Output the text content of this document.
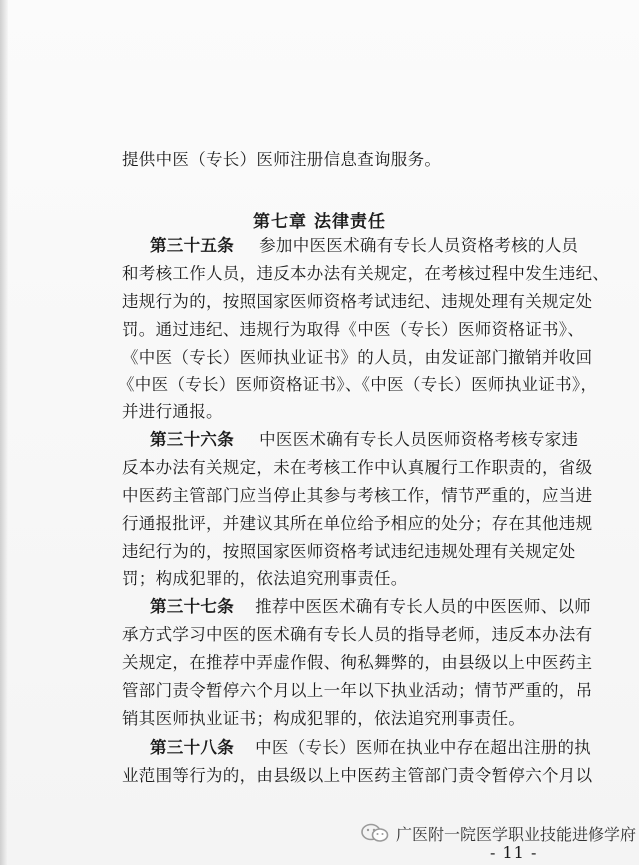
提供中医（专长）医师注册信息查询服务。
第七章 法律责任
第三十五条 参加中医医术确有专长人员资格考核的人员
和考核工作人员，违反本办法有关规定，在考核过程中发生违纪、
违规行为的，按照国家医师资格考试违纪、违规处理有关规定处
罚。通过违纪、违规行为取得《中医（专长）医师资格证书》、
《中医（专长）医师执业证书》的人员，由发证部门撤销并收回
《中医（专长）医师资格证书》、《中医（专长）医师执业证书》，
并进行通报。
第三十六条 中医医术确有专长人员医师资格考核专家违
反本办法有关规定，未在考核工作中认真履行工作职责的，省级
中医药主管部门应当停止其参与考核工作，情节严重的，应当进
行通报批评，并建议其所在单位给予相应的处分；存在其他违规
违纪行为的，按照国家医师资格考试违纪违规处理有关规定处
罚；构成犯罪的，依法追究刑事责任。
第三十七条 推荐中医医术确有专长人员的中医医师、以师
承方式学习中医的医术确有专长人员的指导老师，违反本办法有
关规定，在推荐中弄虚作假、徇私舞弊的，由县级以上中医药主
管部门责令暂停六个月以上一年以下执业活动；情节严重的，吊
销其医师执业证书；构成犯罪的，依法追究刑事责任。
第三十八条 中医（专长）医师在执业中存在超出注册的执
业范围等行为的，由县级以上中医药主管部门责令暂停六个月以
广医附一院医学职业技能进修学府
- 11 -
